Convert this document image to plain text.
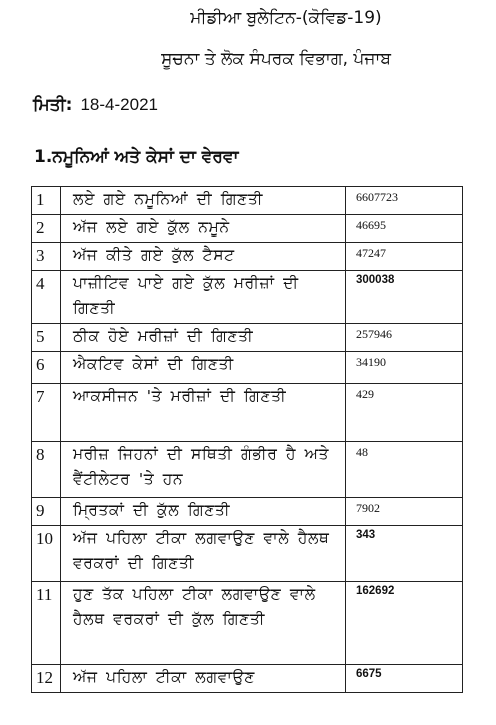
ਮੀਡੀਆ ਬੁਲੇਟਿਨ-(ਕੋਵਿਡ-19)
ਸੂਚਨਾ ਤੇ ਲੋਕ ਸੰਪਰਕ ਵਿਭਾਗ, ਪੰਜਾਬ
ਮਿਤੀ: 18-4-2021
1.ਨਮੂਨਿਆਂ ਅਤੇ ਕੇਸਾਂ ਦਾ ਵੇਰਵਾ
1	ਲਏ ਗਏ ਨਮੂਨਿਆਂ ਦੀ ਗਿਣਤੀ	6607723
2	ਅੱਜ ਲਏ ਗਏ ਕੁੱਲ ਨਮੂਨੇ	46695
3	ਅੱਜ ਕੀਤੇ ਗਏ ਕੁੱਲ ਟੈਸਟ	47247
4	ਪਾਜ਼ੀਟਿਵ ਪਾਏ ਗਏ ਕੁੱਲ ਮਰੀਜ਼ਾਂ ਦੀ ਗਿਣਤੀ	300038
5	ਠੀਕ ਹੋਏ ਮਰੀਜ਼ਾਂ ਦੀ ਗਿਣਤੀ	257946
6	ਐਕਟਿਵ ਕੇਸਾਂ ਦੀ ਗਿਣਤੀ	34190
7	ਆਕਸੀਜਨ 'ਤੇ ਮਰੀਜ਼ਾਂ ਦੀ ਗਿਣਤੀ	429
8	ਮਰੀਜ਼ ਜਿਹਨਾਂ ਦੀ ਸਥਿਤੀ ਗੰਭੀਰ ਹੈ ਅਤੇ ਵੈਂਟੀਲੇਟਰ 'ਤੇ ਹਨ	48
9	ਮ੍ਰਿਤਕਾਂ ਦੀ ਕੁੱਲ ਗਿਣਤੀ	7902
10	ਅੱਜ ਪਹਿਲਾ ਟੀਕਾ ਲਗਵਾਉਣ ਵਾਲੇ ਹੈਲਥ ਵਰਕਰਾਂ ਦੀ ਗਿਣਤੀ	343
11	ਹੁਣ ਤੱਕ ਪਹਿਲਾ ਟੀਕਾ ਲਗਵਾਉਣ ਵਾਲੇ ਹੈਲਥ ਵਰਕਰਾਂ ਦੀ ਕੁੱਲ ਗਿਣਤੀ	162692
12	ਅੱਜ ਪਹਿਲਾ ਟੀਕਾ ਲਗਵਾਉਣ	6675
